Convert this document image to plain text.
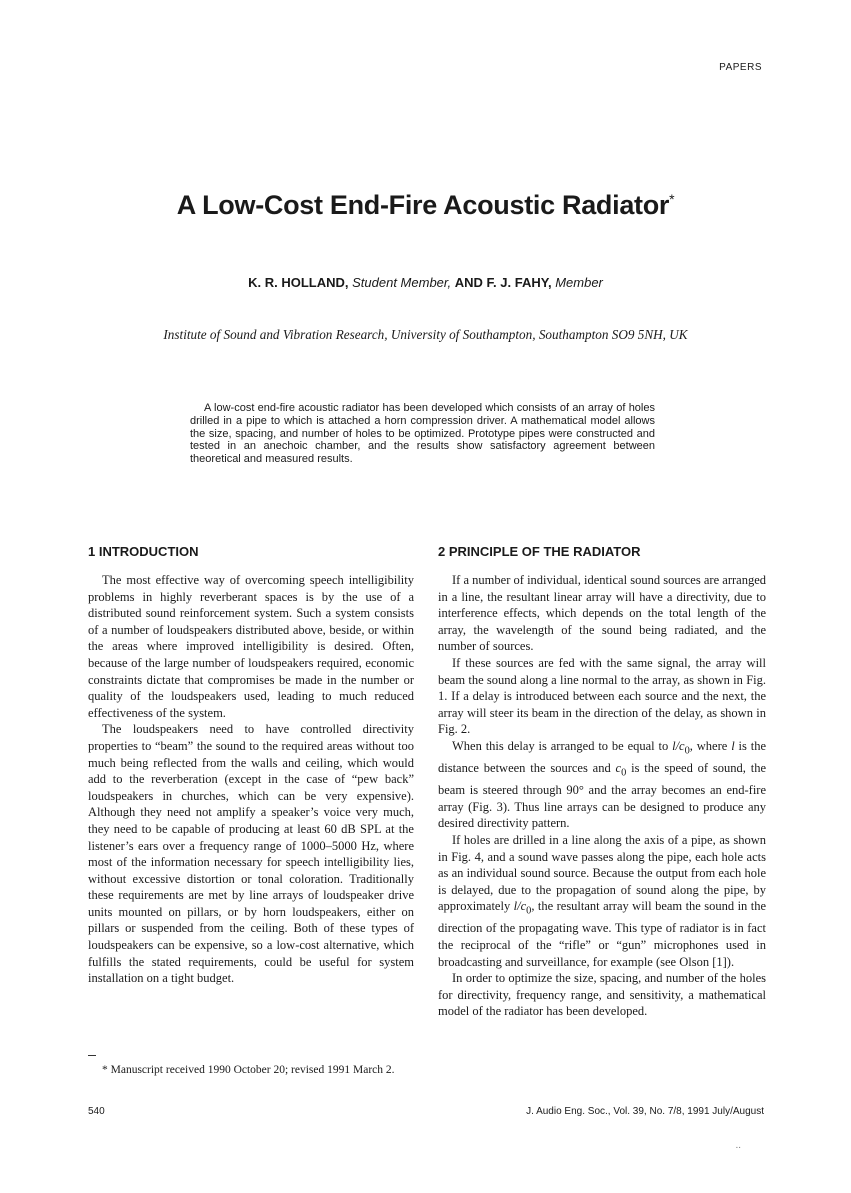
PAPERS
A Low-Cost End-Fire Acoustic Radiator*
K. R. HOLLAND, Student Member, AND F. J. FAHY, Member
Institute of Sound and Vibration Research, University of Southampton, Southampton SO9 5NH, UK

A low-cost end-fire acoustic radiator has been developed which consists of an array of holes drilled in a pipe to which is attached a horn compression driver. A mathematical model allows the size, spacing, and number of holes to be optimized. Prototype pipes were constructed and tested in an anechoic chamber, and the results show satisfactory agreement between theoretical and measured results.

1 INTRODUCTION

The most effective way of overcoming speech intelligibility problems in highly reverberant spaces is by the use of a distributed sound reinforcement system. Such a system consists of a number of loudspeakers distributed above, beside, or within the areas where improved intelligibility is desired. Often, because of the large number of loudspeakers required, economic constraints dictate that compromises be made in the number or quality of the loudspeakers used, leading to much reduced effectiveness of the system.

The loudspeakers need to have controlled directivity properties to “beam” the sound to the required areas without too much being reflected from the walls and ceiling, which would add to the reverberation (except in the case of “pew back” loudspeakers in churches, which can be very expensive). Although they need not amplify a speaker’s voice very much, they need to be capable of producing at least 60 dB SPL at the listener’s ears over a frequency range of 1000–5000 Hz, where most of the information necessary for speech intelligibility lies, without excessive distortion or tonal coloration. Traditionally these requirements are met by line arrays of loudspeaker drive units mounted on pillars, or by horn loudspeakers, either on pillars or suspended from the ceiling. Both of these types of loudspeakers can be expensive, so a low-cost alternative, which fulfills the stated requirements, could be useful for system installation on a tight budget.

2 PRINCIPLE OF THE RADIATOR

If a number of individual, identical sound sources are arranged in a line, the resultant linear array will have a directivity, due to interference effects, which depends on the total length of the array, the wavelength of the sound being radiated, and the number of sources.

If these sources are fed with the same signal, the array will beam the sound along a line normal to the array, as shown in Fig. 1. If a delay is introduced between each source and the next, the array will steer its beam in the direction of the delay, as shown in Fig. 2.

When this delay is arranged to be equal to $l/c_0$, where l is the distance between the sources and $c_0$ is the speed of sound, the beam is steered through 90° and the array becomes an end-fire array (Fig. 3). Thus line arrays can be designed to produce any desired directivity pattern.

If holes are drilled in a line along the axis of a pipe, as shown in Fig. 4, and a sound wave passes along the pipe, each hole acts as an individual sound source. Because the output from each hole is delayed, due to the propagation of sound along the pipe, by approximately $l/c_0$, the resultant array will beam the sound in the direction of the propagating wave. This type of radiator is in fact the reciprocal of the “rifle” or “gun” microphones used in broadcasting and surveillance, for example (see Olson [1]).

In order to optimize the size, spacing, and number of the holes for directivity, frequency range, and sensitivity, a mathematical model of the radiator has been developed.

* Manuscript received 1990 October 20; revised 1991 March 2.

540	J. Audio Eng. Soc., Vol. 39, No. 7/8, 1991 July/August
..
